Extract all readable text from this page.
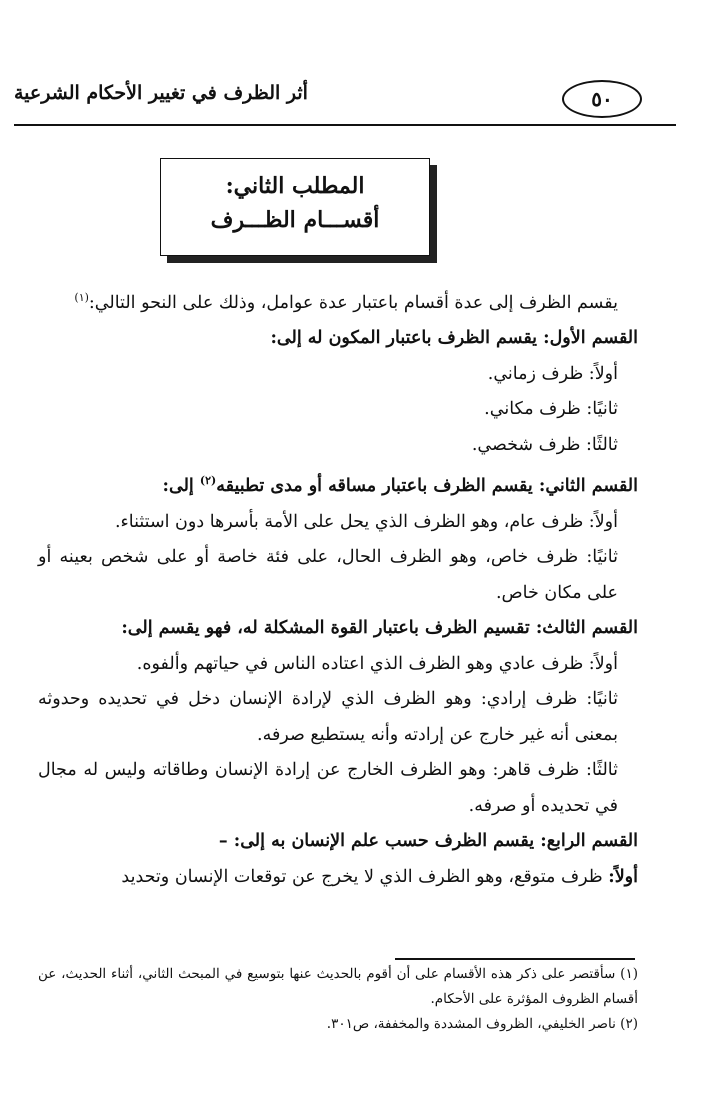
أثر الظرف في تغيير الأحكام الشرعية	٥٠
المطلب الثاني:
أقســـام الظـــرف

يقسم الظرف إلى عدة أقسام باعتبار عدة عوامل، وذلك على النحو التالي:$^{(١)}$

القسم الأول: يقسم الظرف باعتبار المكون له إلى:

أولاً: ظرف زماني.

ثانيًا: ظرف مكاني.

ثالثًا: ظرف شخصي.

القسم الثاني: يقسم الظرف باعتبار مساقه أو مدى تطبيقه$^{(٢)}$ إلى:

أولاً: ظرف عام، وهو الظرف الذي يحل على الأمة بأسرها دون استثناء.

ثانيًا: ظرف خاص، وهو الظرف الحال، على فئة خاصة أو على شخص بعينه أو على مكان خاص.

القسم الثالث: تقسيم الظرف باعتبار القوة المشكلة له، فهو يقسم إلى:

أولاً: ظرف عادي وهو الظرف الذي اعتاده الناس في حياتهم وألفوه.

ثانيًا: ظرف إرادي: وهو الظرف الذي لإرادة الإنسان دخل في تحديده وحدوثه بمعنى أنه غير خارج عن إرادته وأنه يستطيع صرفه.

ثالثًا: ظرف قاهر: وهو الظرف الخارج عن إرادة الإنسان وطاقاته وليس له مجال في تحديده أو صرفه.

القسم الرابع: يقسم الظرف حسب علم الإنسان به إلى: –

أولاً: ظرف متوقع، وهو الظرف الذي لا يخرج عن توقعات الإنسان وتحديد

(١) سأقتصر على ذكر هذه الأقسام على أن أقوم بالحديث عنها بتوسيع في المبحث الثاني، أثناء الحديث، عن أقسام الظروف المؤثرة على الأحكام.

(٢) ناصر الخليفي، الظروف المشددة والمخففة، ص٣٠١.
